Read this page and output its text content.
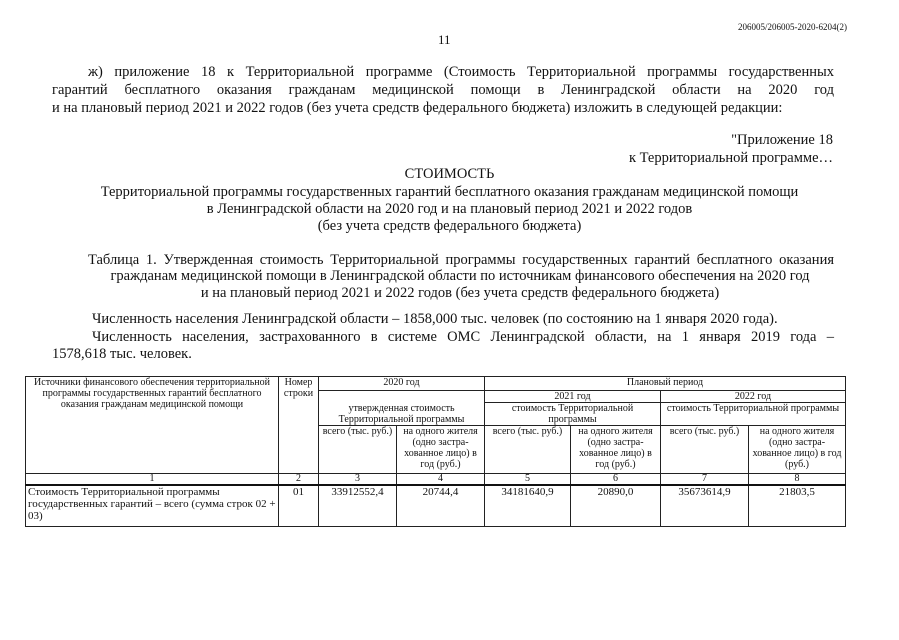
206005/206005-2020-6204(2)
11
ж) приложение 18 к Территориальной программе (Стоимость Территориальной программы государственных
гарантий бесплатного оказания гражданам медицинской помощи в Ленинградской области на 2020 год
и на плановый период 2021 и 2022 годов (без учета средств федерального бюджета) изложить в следующей редакции:
"Приложение 18
к Территориальной программе…
СТОИМОСТЬ
Территориальной программы государственных гарантий бесплатного оказания гражданам медицинской помощи
в Ленинградской области на 2020 год и на плановый период 2021 и 2022 годов
(без учета средств федерального бюджета)
Таблица 1. Утвержденная стоимость Территориальной программы государственных гарантий бесплатного оказания
гражданам медицинской помощи в Ленинградской области по источникам финансового обеспечения на 2020 год
и на плановый период 2021 и 2022 годов (без учета средств федерального бюджета)
Численность населения Ленинградской области – 1858,000 тыс. человек (по состоянию на 1 января 2020 года).
Численность населения, застрахованного в системе ОМС Ленинградской области, на 1 января 2019 года –
1578,618 тыс. человек.
Источники финансового обеспечения территориальной программы государственных гарантий бесплатного оказания гражданам медицинской помощи	Номер строки	2020 год		Плановый период			
		утвержденная стоимость Территориальной программы		2021 год		2022 год	
				стоимость Территориальной программы		стоимость Территориальной программы	
		всего (тыс. руб.)	на одного жителя (одно застра-хованное лицо) в год (руб.)	всего (тыс. руб.)	на одного жителя (одно застра-хованное лицо) в год (руб.)	всего (тыс. руб.)	на одного жителя (одно застра-хованное лицо) в год (руб.)
1	2	3	4	5	6	7	8
Стоимость Территориальной программы государственных гарантий – всего (сумма строк 02 + 03)	01	33912552,4	20744,4	34181640,9	20890,0	35673614,9	21803,5
